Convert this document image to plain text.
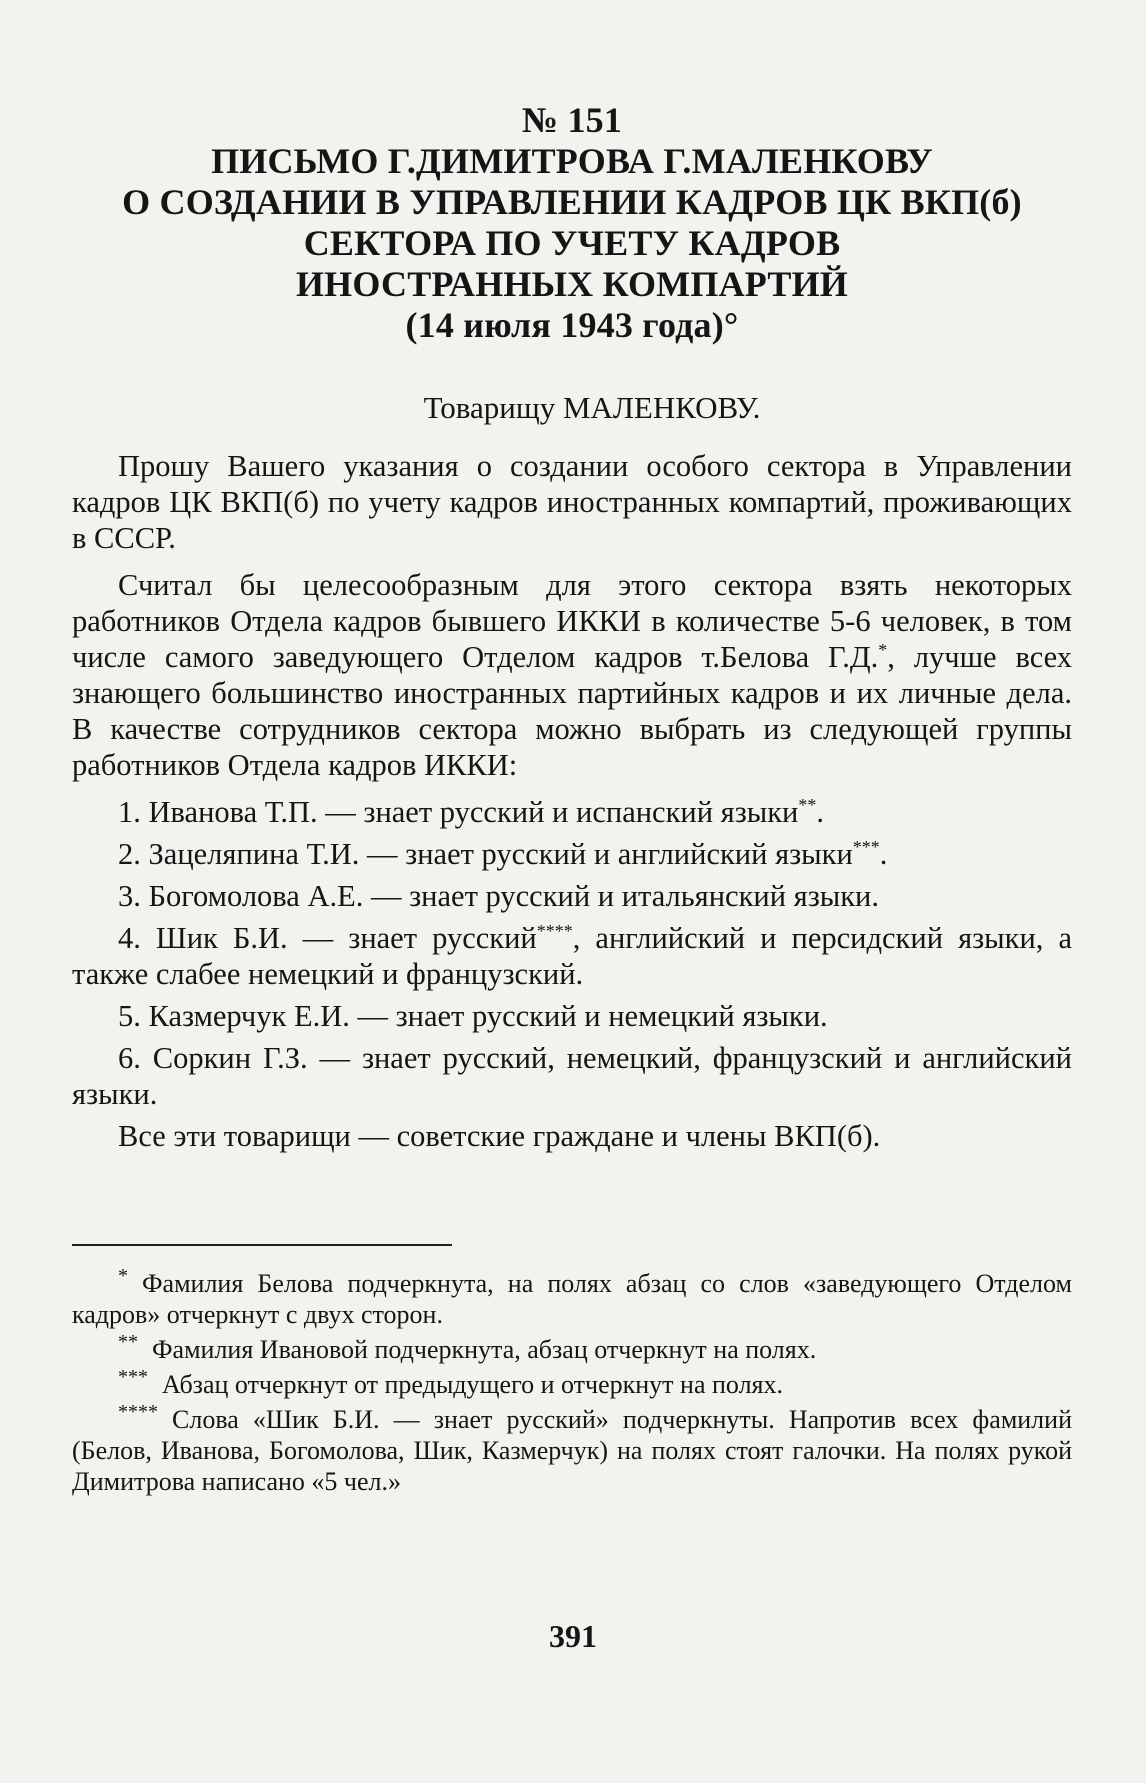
№ 151
ПИСЬМО Г.ДИМИТРОВА Г.МАЛЕНКОВУ
О СОЗДАНИИ В УПРАВЛЕНИИ КАДРОВ ЦК ВКП(б)
СЕКТОРА ПО УЧЕТУ КАДРОВ
ИНОСТРАННЫХ КОМПАРТИЙ
(14 июля 1943 года)°
Товарищу МАЛЕНКОВУ.

Прошу Вашего указания о создании особого сектора в Управлении кадров ЦК ВКП(б) по учету кадров иностранных компартий, проживающих в СССР.

Считал бы целесообразным для этого сектора взять некоторых работников Отдела кадров бывшего ИККИ в количестве 5-6 человек, в том числе самого заведующего Отделом кадров т.Белова Г.Д.*, лучше всех знающего большинство иностранных партийных кадров и их личные дела. В качестве сотрудников сектора можно выбрать из следующей группы работников Отдела кадров ИККИ:

1. Иванова Т.П. — знает русский и испанский языки**.
2. Зацеляпина Т.И. — знает русский и английский языки***.
3. Богомолова А.Е. — знает русский и итальянский языки.
4. Шик Б.И. — знает русский****, английский и персидский языки, а также слабее немецкий и французский.
5. Казмерчук Е.И. — знает русский и немецкий языки.
6. Соркин Г.З. — знает русский, немецкий, французский и английский языки.

Все эти товарищи — советские граждане и члены ВКП(б).

* Фамилия Белова подчеркнута, на полях абзац со слов «заведующего Отделом кадров» отчеркнут с двух сторон.
** Фамилия Ивановой подчеркнута, абзац отчеркнут на полях.
*** Абзац отчеркнут от предыдущего и отчеркнут на полях.
**** Слова «Шик Б.И. — знает русский» подчеркнуты. Напротив всех фамилий (Белов, Иванова, Богомолова, Шик, Казмерчук) на полях стоят галочки. На полях рукой Димитрова написано «5 чел.»
391
